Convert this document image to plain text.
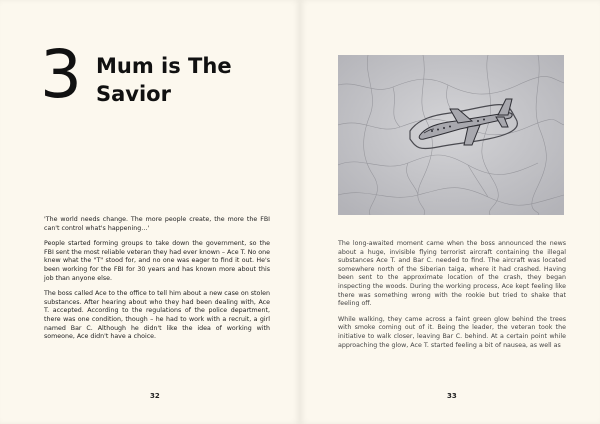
3 Mum is The Savior

'The world needs change. The more people create, the more the FBI can't control what's happening…'

People started forming groups to take down the government, so the FBI sent the most reliable veteran they had ever known – Ace T. No one knew what the "T" stood for, and no one was eager to find it out. He's been working for the FBI for 30 years and has known more about this job than anyone else.

The boss called Ace to the office to tell him about a new case on stolen substances. After hearing about who they had been dealing with, Ace T. accepted. According to the regulations of the police department, there was one condition, though – he had to work with a recruit, a girl named Bar C. Although he didn't like the idea of working with someone, Ace didn't have a choice.

32

The long-awaited moment came when the boss announced the news about a huge, invisible flying terrorist aircraft containing the illegal substances Ace T. and Bar C. needed to find. The aircraft was located somewhere north of the Siberian taiga, where it had crashed. Having been sent to the approximate location of the crash, they began inspecting the woods. During the working process, Ace kept feeling like there was something wrong with the rookie but tried to shake that feeling off.

While walking, they came across a faint green glow behind the trees with smoke coming out of it. Being the leader, the veteran took the initiative to walk closer, leaving Bar C. behind. At a certain point while approaching the glow, Ace T. started feeling a bit of nausea, as well as

33
